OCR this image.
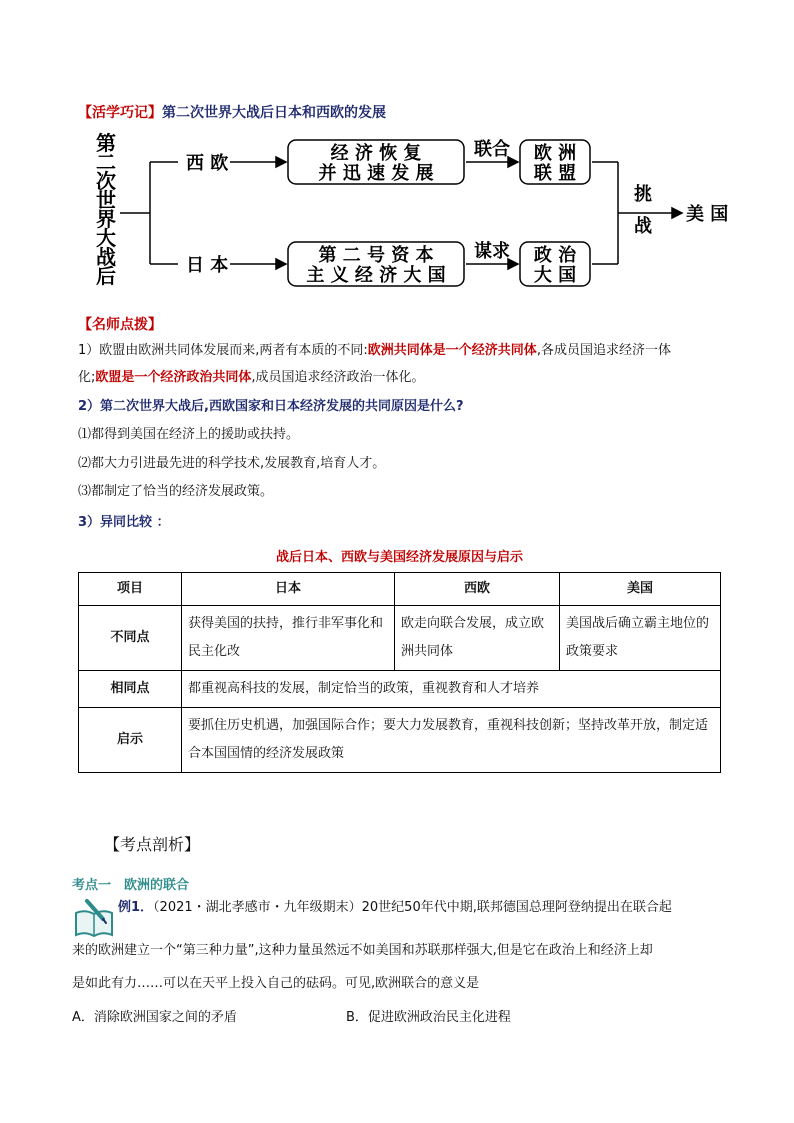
【活学巧记】第二次世界大战后日本和西欧的发展
第
二
次
世
界
大
战
后
西 欧
日 本
经 济 恢 复
并 迅 速 发 展
第 二 号 资 本
主 义 经 济 大 国
联合
谋求
欧 洲
联 盟
政 治
大 国
挑
战
美 国
【名师点拨】
1）欧盟由欧洲共同体发展而来,两者有本质的不同:欧洲共同体是一个经济共同体,各成员国追求经济一体
化;欧盟是一个经济政治共同体,成员国追求经济政治一体化。
2）第二次世界大战后,西欧国家和日本经济发展的共同原因是什么?
⑴都得到美国在经济上的援助或扶持。
⑵都大力引进最先进的科学技术,发展教育,培育人才。
⑶都制定了恰当的经济发展政策。
3）异同比较 ：
战后日本、西欧与美国经济发展原因与启示
项目	日本	西欧	美国
不同点	获得美国的扶持，推行非军事化和民主化改	欧走向联合发展，成立欧洲共同体	美国战后确立霸主地位的政策要求
相同点	都重视高科技的发展，制定恰当的政策，重视教育和人才培养		
启示	要抓住历史机遇，加强国际合作；要大力发展教育，重视科技创新；坚持改革开放，制定适合本国国情的经济发展政策		
【考点剖析】
考点一　欧洲的联合
例1．（2021・湖北孝感市・九年级期末）20世纪50年代中期,联邦德国总理阿登纳提出在联合起
来的欧洲建立一个“第三种力量”,这种力量虽然远不如美国和苏联那样强大,但是它在政治上和经济上却
是如此有力……可以在天平上投入自己的砝码。可见,欧洲联合的意义是
A．消除欧洲国家之间的矛盾	B．促进欧洲政治民主化进程
